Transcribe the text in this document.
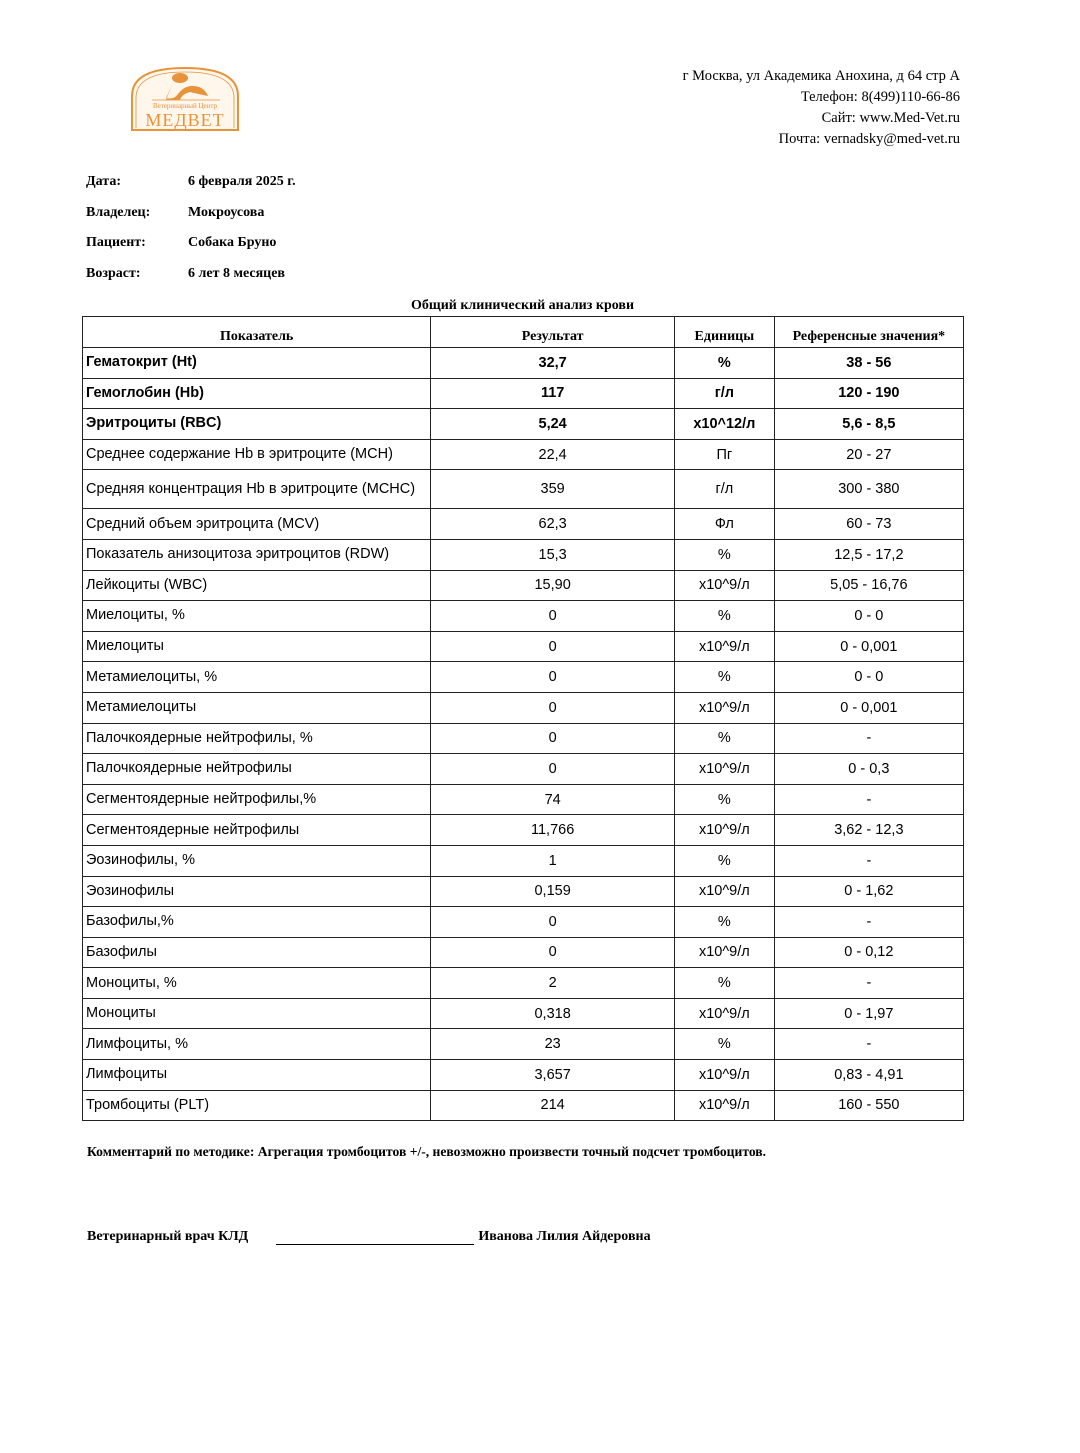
Ветеринарный Центр
МЕДВЕТ
г Москва, ул Академика Анохина, д 64 стр А
Телефон: 8(499)110-66-86
Сайт: www.Med-Vet.ru
Почта: vernadsky@med-vet.ru
Дата:	6 февраля 2025 г.
Владелец:	Мокроусова
Пациент:	Собака Бруно
Возраст:	6 лет 8 месяцев
Общий клинический анализ крови
Показатель	Результат	Единицы	Референсные значения*
Гематокрит (Ht)	32,7	%	38 - 56
Гемоглобин (Hb)	117	г/л	120 - 190
Эритроциты (RBC)	5,24	x10^12/л	5,6 - 8,5
Среднее содержание Hb в эритроците (MCH)	22,4	Пг	20 - 27
Средняя концентрация Hb в эритроците (MCHC)	359	г/л	300 - 380
Средний объем эритроцита (MCV)	62,3	Фл	60 - 73
Показатель анизоцитоза эритроцитов (RDW)	15,3	%	12,5 - 17,2
Лейкоциты (WBC)	15,90	x10^9/л	5,05 - 16,76
Миелоциты, %	0	%	0 - 0
Миелоциты	0	x10^9/л	0 - 0,001
Метамиелоциты, %	0	%	0 - 0
Метамиелоциты	0	x10^9/л	0 - 0,001
Палочкоядерные нейтрофилы, %	0	%	-
Палочкоядерные нейтрофилы	0	x10^9/л	0 - 0,3
Сегментоядерные нейтрофилы,%	74	%	-
Сегментоядерные нейтрофилы	11,766	x10^9/л	3,62 - 12,3
Эозинофилы, %	1	%	-
Эозинофилы	0,159	x10^9/л	0 - 1,62
Базофилы,%	0	%	-
Базофилы	0	x10^9/л	0 - 0,12
Моноциты, %	2	%	-
Моноциты	0,318	x10^9/л	0 - 1,97
Лимфоциты, %	23	%	-
Лимфоциты	3,657	x10^9/л	0,83 - 4,91
Тромбоциты (PLT)	214	x10^9/л	160 - 550
Комментарий по методике: Агрегация тромбоцитов +/-, невозможно произвести точный подсчет тромбоцитов.
Ветеринарный врач КЛД	Иванова Лилия Айдеровна
